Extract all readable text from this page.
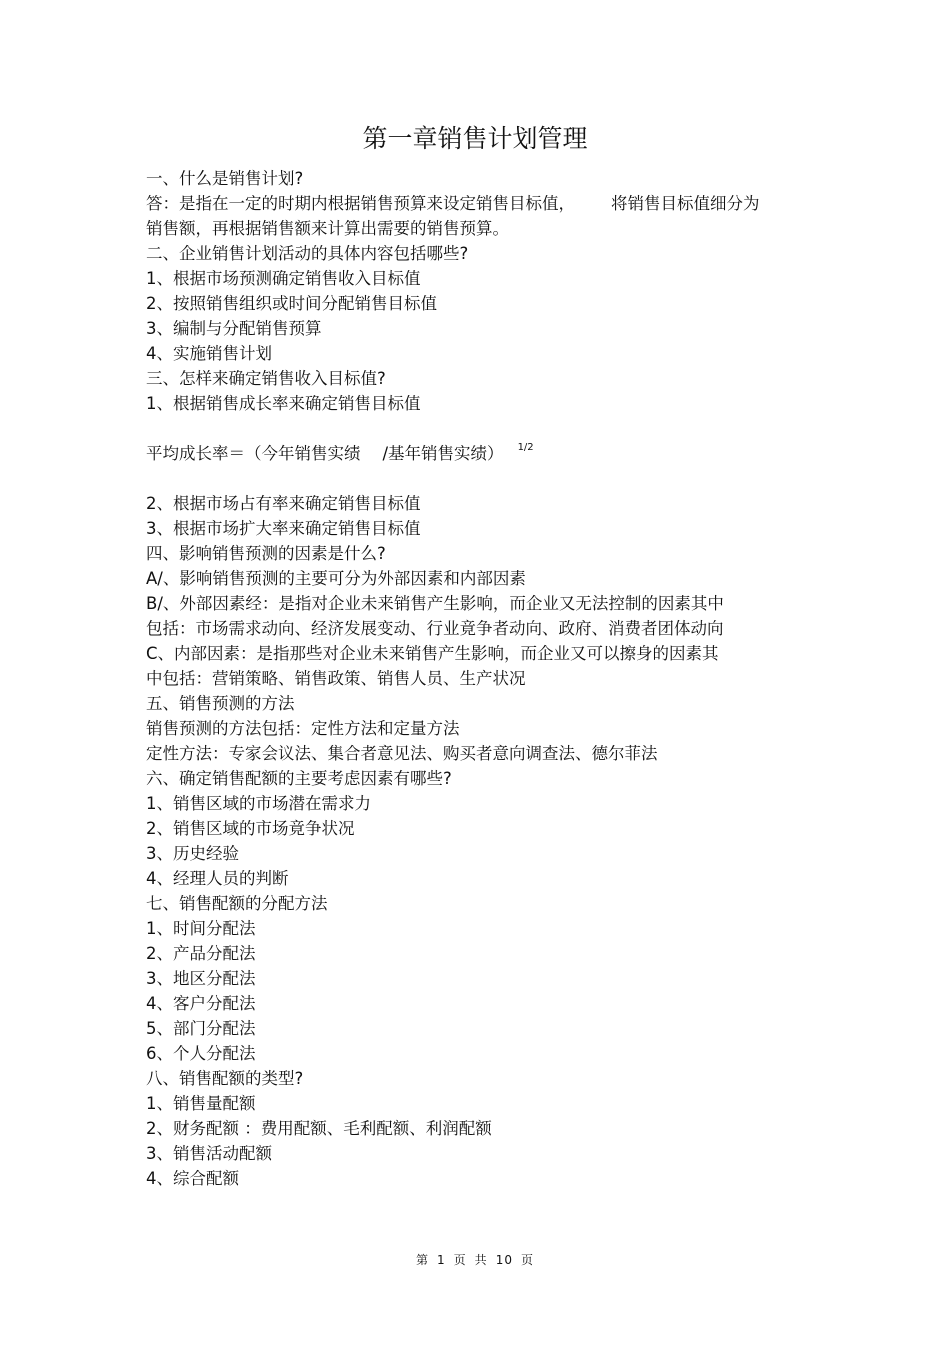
第一章销售计划管理
一、什么是销售计划?
答：是指在一定的时期内根据销售预算来设定销售目标值， 将销售目标值细分为
销售额，再根据销售额来计算出需要的销售预算。
二、企业销售计划活动的具体内容包括哪些?
1、根据市场预测确定销售收入目标值
2、按照销售组织或时间分配销售目标值
3、编制与分配销售预算
4、实施销售计划
三、怎样来确定销售收入目标值?
1、根据销售成长率来确定销售目标值
平均成长率＝（今年销售实绩 /基年销售实绩） $^{1/2}$
2、根据市场占有率来确定销售目标值
3、根据市场扩大率来确定销售目标值
四、影响销售预测的因素是什么?
A/、影响销售预测的主要可分为外部因素和内部因素
B/、外部因素经：是指对企业未来销售产生影响，而企业又无法控制的因素其中
包括：市场需求动向、经济发展变动、行业竟争者动向、政府、消费者团体动向
C、内部因素：是指那些对企业未来销售产生影响，而企业又可以擦身的因素其
中包括：营销策略、销售政策、销售人员、生产状况
五、销售预测的方法
销售预测的方法包括：定性方法和定量方法
定性方法：专家会议法、集合者意见法、购买者意向调查法、德尔菲法
六、确定销售配额的主要考虑因素有哪些?
1、销售区域的市场潜在需求力
2、销售区域的市场竟争状况
3、历史经验
4、经理人员的判断
七、销售配额的分配方法
1、时间分配法
2、产品分配法
3、地区分配法
4、客户分配法
5、部门分配法
6、个人分配法
八、销售配额的类型?
1、销售量配额
2、财务配额 ：费用配额、毛利配额、利润配额
3、销售活动配额
4、综合配额
第 1 页 共 10 页
